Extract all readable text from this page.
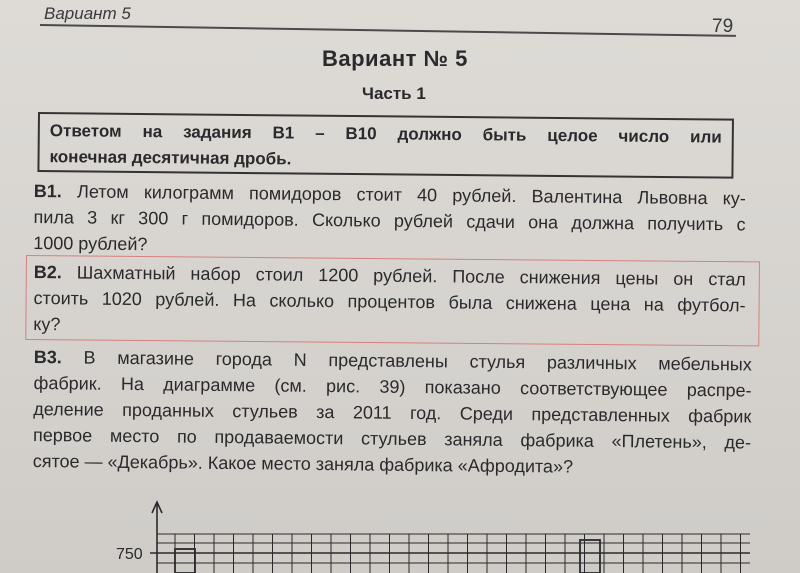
Вариант 5
79
Вариант № 5
Часть 1
Ответом на задания В1 – В10 должно быть целое число или
конечная десятичная дробь.
В1. Летом килограмм помидоров стоит 40 рублей. Валентина Львовна ку-
пила 3 кг 300 г помидоров. Сколько рублей сдачи она должна получить с
1000 рублей?
В2. Шахматный набор стоил 1200 рублей. После снижения цены он стал
стоить 1020 рублей. На сколько процентов была снижена цена на футбол-
ку?
В3. В магазине города N представлены стулья различных мебельных
фабрик. На диаграмме (см. рис. 39) показано соответствующее распре-
деление проданных стульев за 2011 год. Среди представленных фабрик
первое место по продаваемости стульев заняла фабрика «Плетень», де-
сятое — «Декабрь». Какое место заняла фабрика «Афродита»?
750
